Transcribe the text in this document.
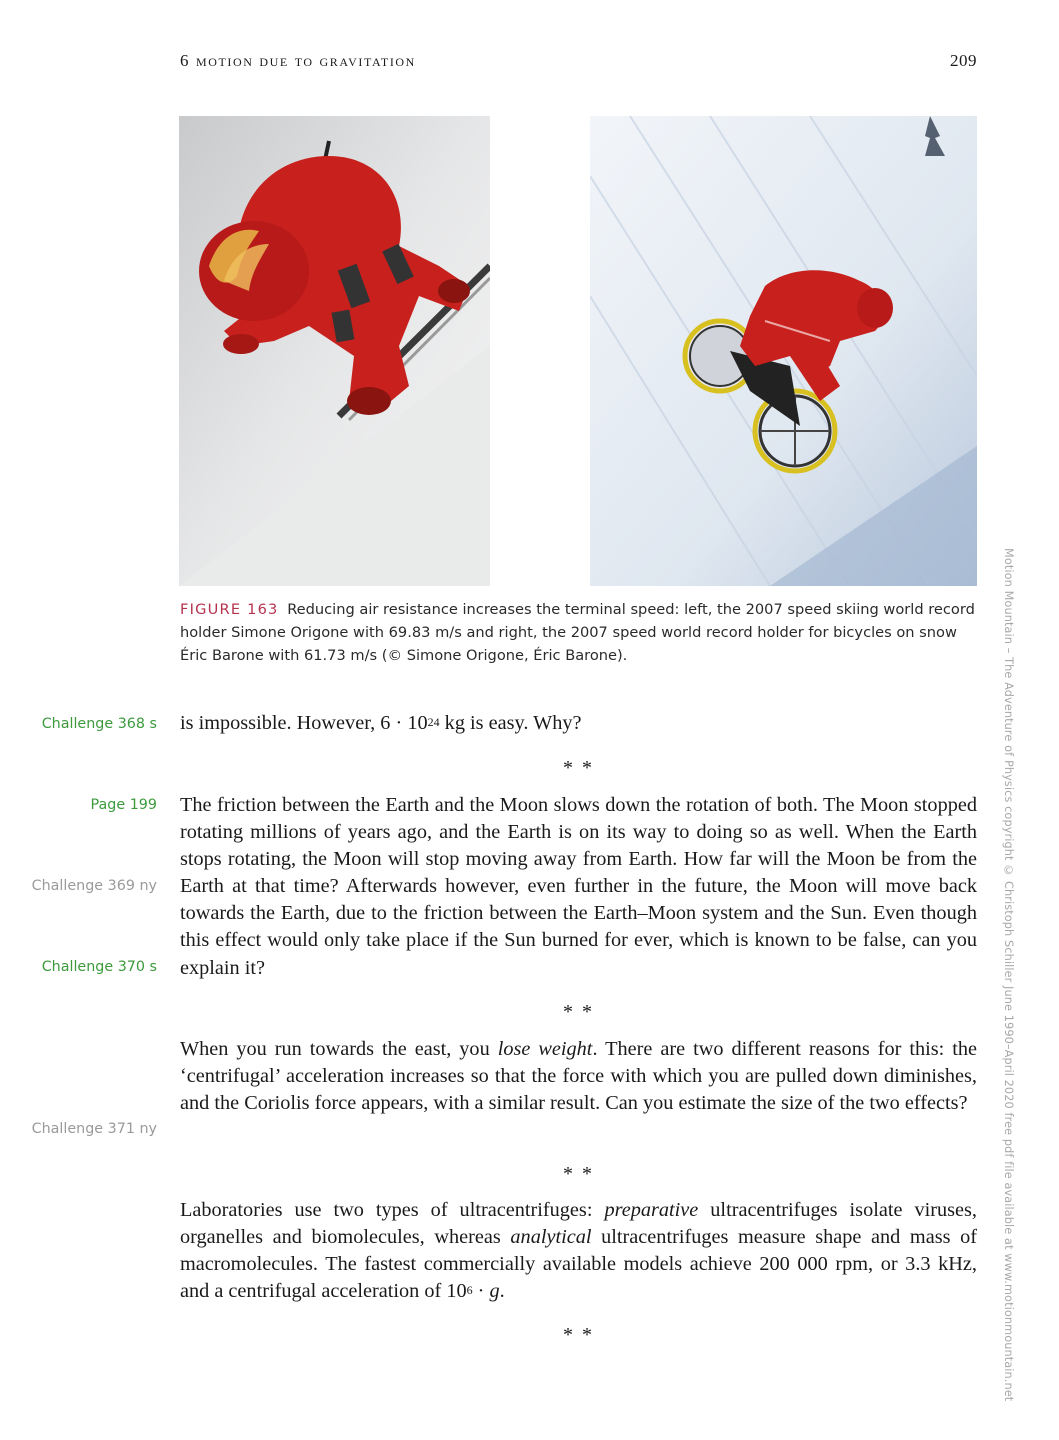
6 motion due to gravitation	209
FIGURE 163 Reducing air resistance increases the terminal speed: left, the 2007 speed skiing world record holder Simone Origone with 69.83 m/s and right, the 2007 speed world record holder for bicycles on snow Éric Barone with 61.73 m/s (© Simone Origone, Éric Barone).
Challenge 368 s
Page 199
Challenge 369 ny
Challenge 370 s
Challenge 371 ny	Motion Mountain – The Adventure of Physics copyright © Christoph Schiller June 1990–April 2020 free pdf file available at www.motionmountain.net
is impossible. However, $6 \cdot 10^{24}$ kg is easy. Why?
* *
The friction between the Earth and the Moon slows down the rotation of both. The Moon stopped rotating millions of years ago, and the Earth is on its way to doing so as well. When the Earth stops rotating, the Moon will stop moving away from Earth. How far will the Moon be from the Earth at that time? Afterwards however, even further in the future, the Moon will move back towards the Earth, due to the friction between the Earth–Moon system and the Sun. Even though this effect would only take place if the Sun burned for ever, which is known to be false, can you explain it?
* *
When you run towards the east, you lose weight. There are two different reasons for this: the ‘centrifugal’ acceleration increases so that the force with which you are pulled down diminishes, and the Coriolis force appears, with a similar result. Can you estimate the size of the two effects?
* *
Laboratories use two types of ultracentrifuges: preparative ultracentrifuges isolate viruses, organelles and biomolecules, whereas analytical ultracentrifuges measure shape and mass of macromolecules. The fastest commercially available models achieve 200 000 rpm, or 3.3 kHz, and a centrifugal acceleration of $10^6 \cdot g$.
* *
